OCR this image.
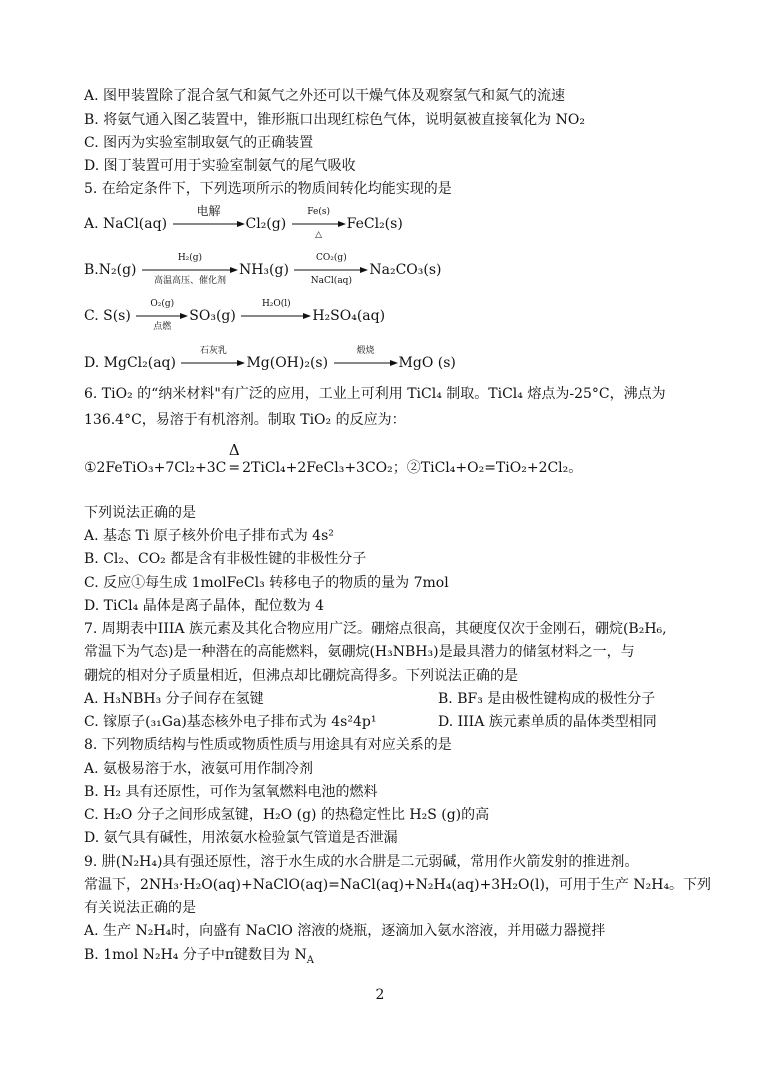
A. 图甲装置除了混合氢气和氮气之外还可以干燥气体及观察氢气和氮气的流速
B. 将氨气通入图乙装置中，锥形瓶口出现红棕色气体，说明氨被直接氧化为 NO₂
C. 图丙为实验室制取氨气的正确装置
D. 图丁装置可用于实验室制氨气的尾气吸收
5. 在给定条件下，下列选项所示的物质间转化均能实现的是
A. NaCl(aq)
电解
Cl₂(g)
Fe(s)
△
FeCl₂(s)
B.N₂(g)
H₂(g)
高温高压、催化剂
NH₃(g)
CO₂(g)
NaCl(aq)
Na₂CO₃(s)
C. S(s)
O₂(g)
点燃
SO₃(g)
H₂O(l)
H₂SO₄(aq)
D. MgCl₂(aq)
石灰乳
Mg(OH)₂(s)
煅烧
MgO (s)
6. TiO₂ 的“纳米材料"有广泛的应用，工业上可利用 TiCl₄ 制取。TiCl₄ 熔点为-25°C，沸点为
136.4°C，易溶于有机溶剂。制取 TiO₂ 的反应为：
①2FeTiO₃+7Cl₂+3C
Δ
= 2TiCl₄+2FeCl₃+3CO₂；②TiCl₄+O₂=TiO₂+2Cl₂。
下列说法正确的是
A. 基态 Ti 原子核外价电子排布式为 4s²
B. Cl₂、CO₂ 都是含有非极性键的非极性分子
C. 反应①每生成 1molFeCl₃ 转移电子的物质的量为 7mol
D. TiCl₄ 晶体是离子晶体，配位数为 4
7. 周期表中IIIA 族元素及其化合物应用广泛。硼熔点很高，其硬度仅次于金刚石，硼烷(B₂H₆,
常温下为气态)是一种潜在的高能燃料，氨硼烷(H₃NBH₃)是最具潜力的储氢材料之一，与
硼烷的相对分子质量相近，但沸点却比硼烷高得多。下列说法正确的是
A. H₃NBH₃ 分子间存在氢键	B. BF₃ 是由极性键构成的极性分子
C. 镓原子(₃₁Ga)基态核外电子排布式为 4s²4p¹	D. IIIA 族元素单质的晶体类型相同
8. 下列物质结构与性质或物质性质与用途具有对应关系的是
A. 氨极易溶于水，液氨可用作制冷剂
B. H₂ 具有还原性，可作为氢氧燃料电池的燃料
C. H₂O 分子之间形成氢键，H₂O (g) 的热稳定性比 H₂S (g)的高
D. 氨气具有碱性，用浓氨水检验氯气管道是否泄漏
9. 肼(N₂H₄)具有强还原性，溶于水生成的水合肼是二元弱碱，常用作火箭发射的推进剂。
常温下，2NH₃·H₂O(aq)+NaClO(aq)=NaCl(aq)+N₂H₄(aq)+3H₂O(l)，可用于生产 N₂H₄。下列
有关说法正确的是
A. 生产 N₂H₄时，向盛有 NaClO 溶液的烧瓶，逐滴加入氨水溶液，并用磁力器搅拌
B. 1mol N₂H₄ 分子中π键数目为 $N_A$
2
